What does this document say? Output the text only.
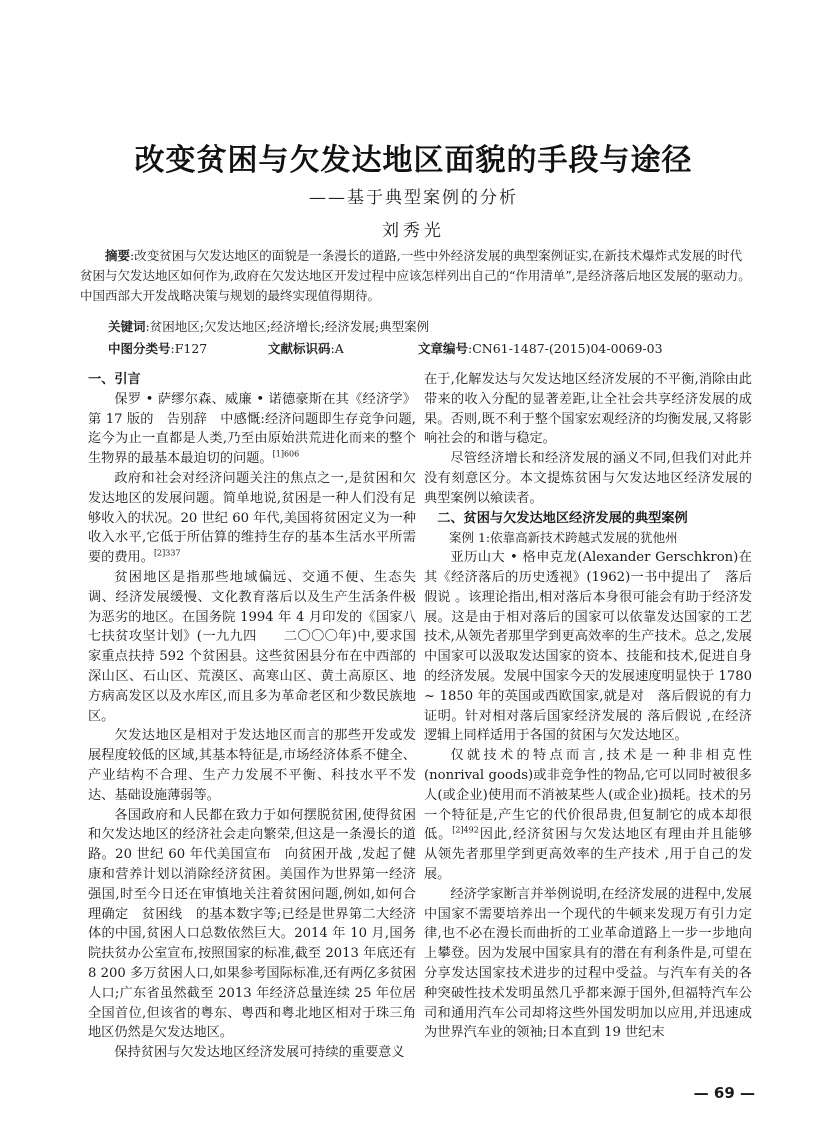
改变贫困与欠发达地区面貌的手段与途径
——基于典型案例的分析
刘秀光
摘要:改变贫困与欠发达地区的面貌是一条漫长的道路,一些中外经济发展的典型案例证实,在新技术爆炸式发展的时代贫困与欠发达地区如何作为,政府在欠发达地区开发过程中应该怎样列出自己的“作用清单”,是经济落后地区发展的驱动力。中国西部大开发战略决策与规划的最终实现值得期待。
关键词:贫困地区;欠发达地区;经济增长;经济发展;典型案例
中图分类号:F127	文献标识码:A	文章编号:CN61-1487-(2015)04-0069-03
一、引言

保罗 • 萨缪尔森、威廉 • 诺德豪斯在其《经济学》第 17 版的　告别辞　中感慨:经济问题即生存竞争问题,迄今为止一直都是人类,乃至由原始洪荒进化而来的整个生物界的最基本最迫切的问题。$^{[1]606}$

政府和社会对经济问题关注的焦点之一,是贫困和欠发达地区的发展问题。简单地说,贫困是一种人们没有足够收入的状况。20 世纪 60 年代,美国将贫困定义为一种收入水平,它低于所估算的维持生存的基本生活水平所需要的费用。$^{[2]337}$

贫困地区是指那些地域偏远、交通不便、生态失调、经济发展缓慢、文化教育落后以及生产生活条件极为恶劣的地区。在国务院 1994 年 4 月印发的《国家八七扶贫攻坚计划》(一九九四　　二〇〇〇年)中,要求国家重点扶持 592 个贫困县。这些贫困县分布在中西部的深山区、石山区、荒漠区、高寒山区、黄土高原区、地方病高发区以及水库区,而且多为革命老区和少数民族地区。

欠发达地区是相对于发达地区而言的那些开发或发展程度较低的区域,其基本特征是,市场经济体系不健全、产业结构不合理、生产力发展不平衡、科技水平不发达、基础设施薄弱等。

各国政府和人民都在致力于如何摆脱贫困,使得贫困和欠发达地区的经济社会走向繁荣,但这是一条漫长的道路。20 世纪 60 年代美国宣布　向贫困开战 ,发起了健康和营养计划以消除经济贫困。美国作为世界第一经济强国,时至今日还在审慎地关注着贫困问题,例如,如何合理确定　贫困线　的基本数字等;已经是世界第二大经济体的中国,贫困人口总数依然巨大。2014 年 10 月,国务院扶贫办公室宣布,按照国家的标准,截至 2013 年底还有 8 200 多万贫困人口,如果参考国际标准,还有两亿多贫困人口;广东省虽然截至 2013 年经济总量连续 25 年位居全国首位,但该省的粤东、粤西和粤北地区相对于珠三角地区仍然是欠发达地区。

保持贫困与欠发达地区经济发展可持续的重要意义

在于,化解发达与欠发达地区经济发展的不平衡,消除由此带来的收入分配的显著差距,让全社会共享经济发展的成果。否则,既不利于整个国家宏观经济的均衡发展,又将影响社会的和谐与稳定。

尽管经济增长和经济发展的涵义不同,但我们对此并没有刻意区分。本文提炼贫困与欠发达地区经济发展的典型案例以飨读者。

二、贫困与欠发达地区经济发展的典型案例
案例 1:依靠高新技术跨越式发展的犹他州

亚历山大 • 格申克龙(Alexander Gerschkron)在其《经济落后的历史透视》(1962)一书中提出了　落后假说 。该理论指出,相对落后本身很可能会有助于经济发展。这是由于相对落后的国家可以依靠发达国家的工艺技术,从领先者那里学到更高效率的生产技术。总之,发展中国家可以汲取发达国家的资本、技能和技术,促进自身的经济发展。发展中国家今天的发展速度明显快于 1780 ~ 1850 年的英国或西欧国家,就是对　落后假说的有力证明。针对相对落后国家经济发展的 落后假说 ,在经济逻辑上同样适用于各国的贫困与欠发达地区。

仅就技术的特点而言,技术是一种非相克性(nonrival goods)或非竞争性的物品,它可以同时被很多人(或企业)使用而不消被某些人(或企业)损耗。技术的另一个特征是,产生它的代价很昂贵,但复制它的成本却很低。$^{[2]492}$因此,经济贫困与欠发达地区有理由并且能够　从领先者那里学到更高效率的生产技术 ,用于自己的发展。

经济学家断言并举例说明,在经济发展的进程中,发展中国家不需要培养出一个现代的牛顿来发现万有引力定律,也不必在漫长而曲折的工业革命道路上一步一步地向上攀登。因为发展中国家具有的潜在有利条件是,可望在分享发达国家技术进步的过程中受益。与汽车有关的各种突破性技术发明虽然几乎都来源于国外,但福特汽车公司和通用汽车公司却将这些外国发明加以应用,并迅速成为世界汽车业的领袖;日本直到 19 世纪末

— 69 —
